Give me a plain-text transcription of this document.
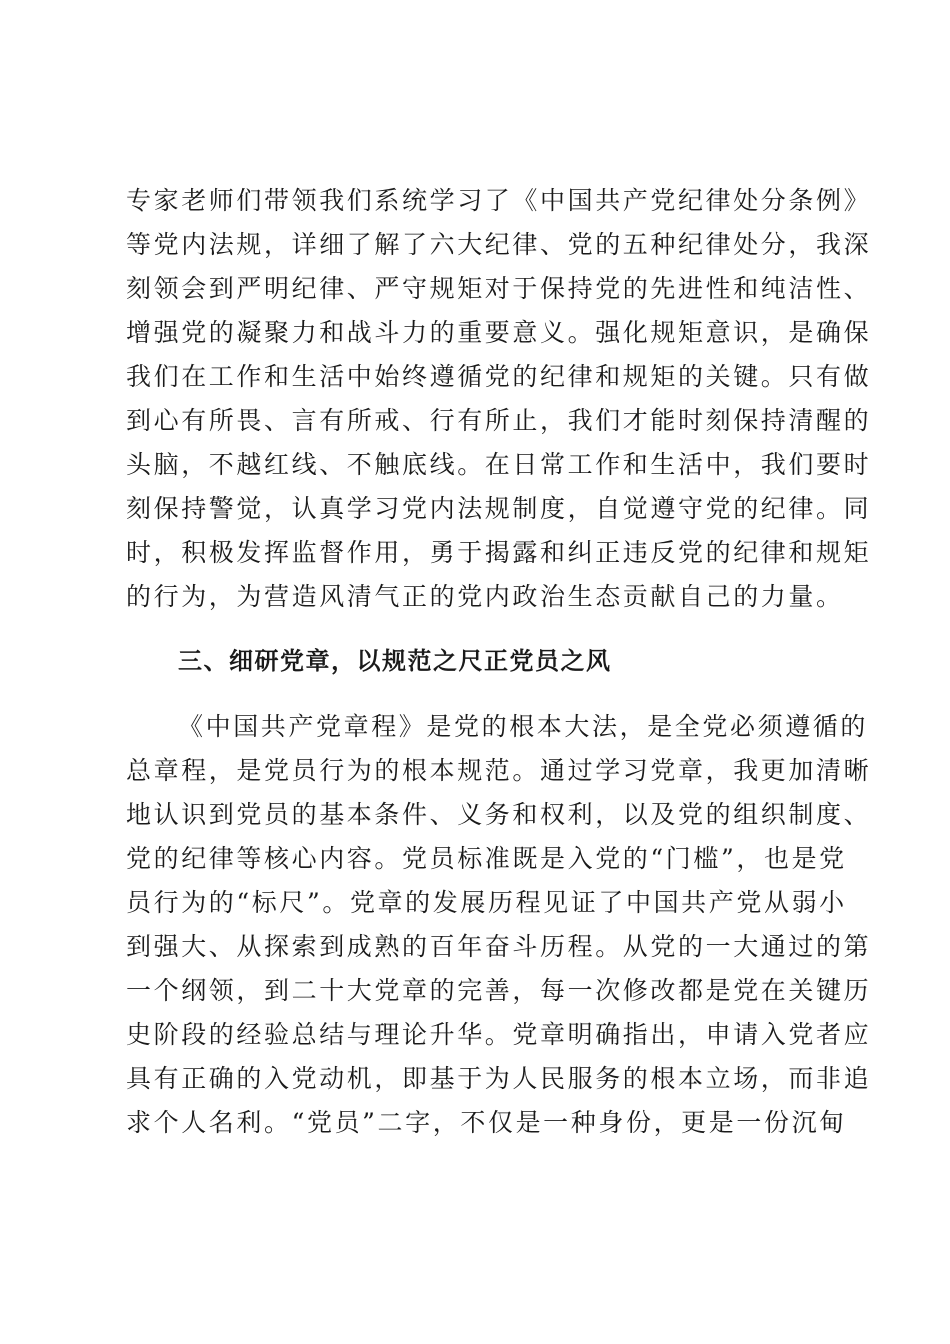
专家老师们带领我们系统学习了《中国共产党纪律处分条例》
等党内法规，详细了解了六大纪律、党的五种纪律处分，我深
刻领会到严明纪律、严守规矩对于保持党的先进性和纯洁性、
增强党的凝聚力和战斗力的重要意义。强化规矩意识，是确保
我们在工作和生活中始终遵循党的纪律和规矩的关键。只有做
到心有所畏、言有所戒、行有所止，我们才能时刻保持清醒的
头脑，不越红线、不触底线。在日常工作和生活中，我们要时
刻保持警觉，认真学习党内法规制度，自觉遵守党的纪律。同
时，积极发挥监督作用，勇于揭露和纠正违反党的纪律和规矩
的行为，为营造风清气正的党内政治生态贡献自己的力量。
三、细研党章，以规范之尺正党员之风
《中国共产党章程》是党的根本大法，是全党必须遵循的
总章程，是党员行为的根本规范。通过学习党章，我更加清晰
地认识到党员的基本条件、义务和权利，以及党的组织制度、
党的纪律等核心内容。党员标准既是入党的“门槛”，也是党
员行为的“标尺”。党章的发展历程见证了中国共产党从弱小
到强大、从探索到成熟的百年奋斗历程。从党的一大通过的第
一个纲领，到二十大党章的完善，每一次修改都是党在关键历
史阶段的经验总结与理论升华。党章明确指出，申请入党者应
具有正确的入党动机，即基于为人民服务的根本立场，而非追
求个人名利。“党员”二字，不仅是一种身份，更是一份沉甸
